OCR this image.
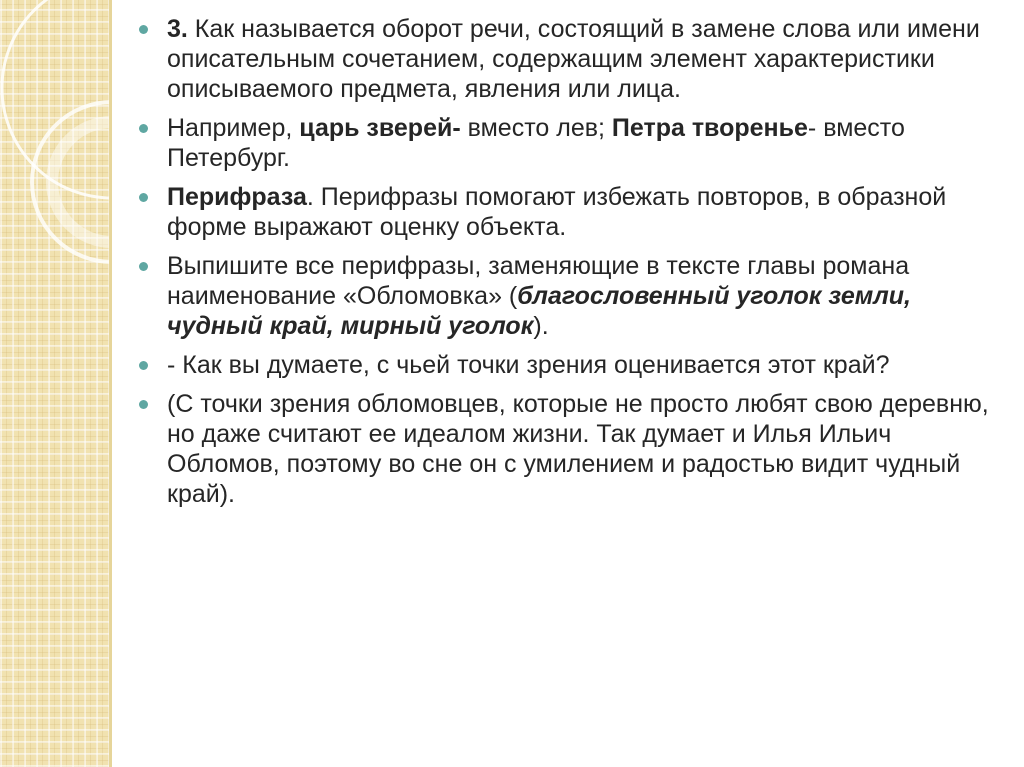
3. Как называется оборот речи, состоящий в замене слова или имени описательным сочетанием, содержащим элемент характеристики описываемого предмета, явления или лица.
Например, царь зверей- вместо лев; Петра творенье- вместо Петербург.
Перифраза. Перифразы помогают избежать повторов, в образной форме выражают оценку объекта.
Выпишите все перифразы, заменяющие в тексте главы романа наименование «Обломовка» (благословенный уголок земли, чудный край, мирный уголок).
- Как вы думаете, с чьей точки зрения оценивается этот край?
(С точки зрения обломовцев, которые не просто любят свою деревню, но даже считают ее идеалом жизни. Так думает и Илья Ильич Обломов, поэтому во сне он с умилением и радостью видит чудный край).
